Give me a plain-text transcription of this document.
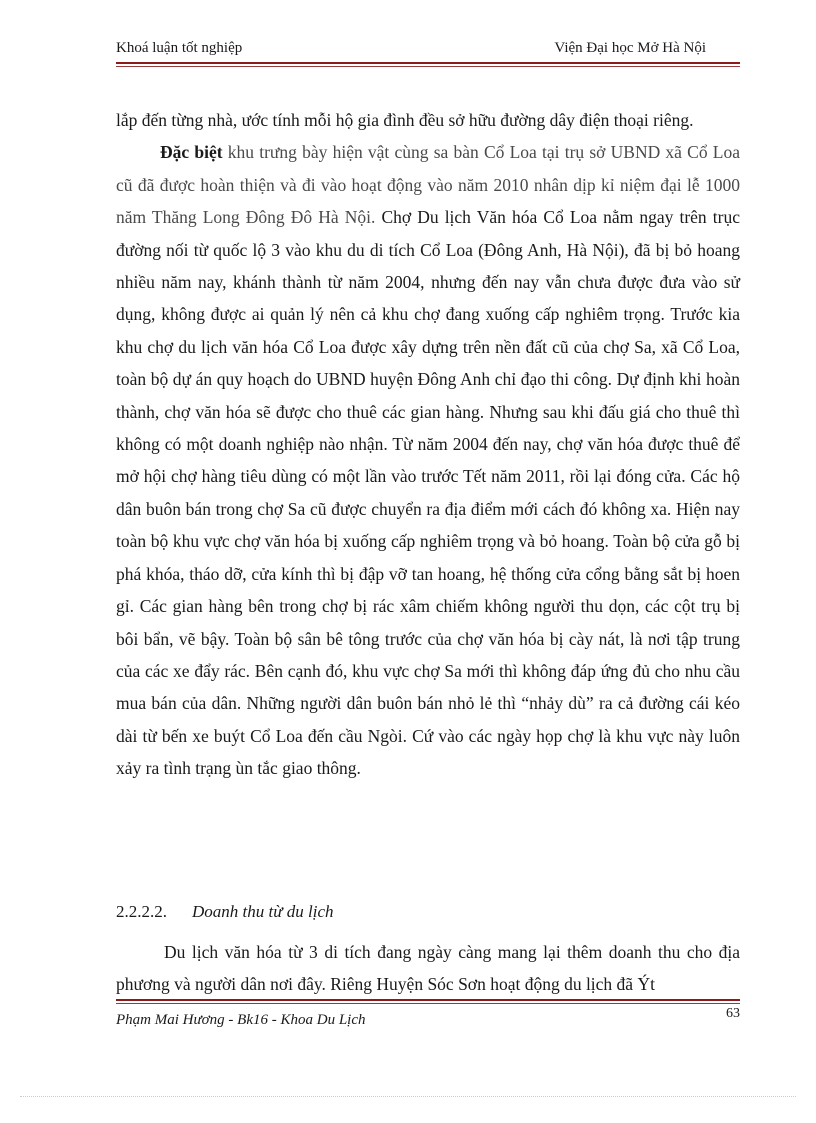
Khoá luận tốt nghiệp	Viện Đại học Mở Hà Nội

lắp đến từng nhà, ước tính mỗi hộ gia đình đều sở hữu đường dây điện thoại riêng.

Đặc biệt khu trưng bày hiện vật cùng sa bàn Cổ Loa tại trụ sở UBND xã Cổ Loa cũ đã được hoàn thiện và đi vào hoạt động vào năm 2010 nhân dịp kỉ niệm đại lễ 1000 năm Thăng Long Đông Đô Hà Nội. Chợ Du lịch Văn hóa Cổ Loa nằm ngay trên trục đường nối từ quốc lộ 3 vào khu du di tích Cổ Loa (Đông Anh, Hà Nội), đã bị bỏ hoang nhiều năm nay, khánh thành từ năm 2004, nhưng đến nay vẫn chưa được đưa vào sử dụng, không được ai quản lý nên cả khu chợ đang xuống cấp nghiêm trọng. Trước kia khu chợ du lịch văn hóa Cổ Loa được xây dựng trên nền đất cũ của chợ Sa, xã Cổ Loa, toàn bộ dự án quy hoạch do UBND huyện Đông Anh chỉ đạo thi công. Dự định khi hoàn thành, chợ văn hóa sẽ được cho thuê các gian hàng. Nhưng sau khi đấu giá cho thuê thì không có một doanh nghiệp nào nhận. Từ năm 2004 đến nay, chợ văn hóa được thuê để mở hội chợ hàng tiêu dùng có một lần vào trước Tết năm 2011, rồi lại đóng cửa. Các hộ dân buôn bán trong chợ Sa cũ được chuyển ra địa điểm mới cách đó không xa. Hiện nay toàn bộ khu vực chợ văn hóa bị xuống cấp nghiêm trọng và bỏ hoang. Toàn bộ cửa gỗ bị phá khóa, tháo dỡ, cửa kính thì bị đập vỡ tan hoang, hệ thống cửa cổng bằng sắt bị hoen gỉ. Các gian hàng bên trong chợ bị rác xâm chiếm không người thu dọn, các cột trụ bị bôi bẩn, vẽ bậy. Toàn bộ sân bê tông trước của chợ văn hóa bị cày nát, là nơi tập trung của các xe đẩy rác. Bên cạnh đó, khu vực chợ Sa mới thì không đáp ứng đủ cho nhu cầu mua bán của dân. Những người dân buôn bán nhỏ lẻ thì “nhảy dù” ra cả đường cái kéo dài từ bến xe buýt Cổ Loa đến cầu Ngòi. Cứ vào các ngày họp chợ là khu vực này luôn xảy ra tình trạng ùn tắc giao thông.

2.2.2.2. Doanh thu từ du lịch

Du lịch văn hóa từ 3 di tích đang ngày càng mang lại thêm doanh thu cho địa phương và người dân nơi đây. Riêng Huyện Sóc Sơn hoạt động du lịch đã Ýt

63
Phạm Mai Hương - Bk16 - Khoa Du Lịch
